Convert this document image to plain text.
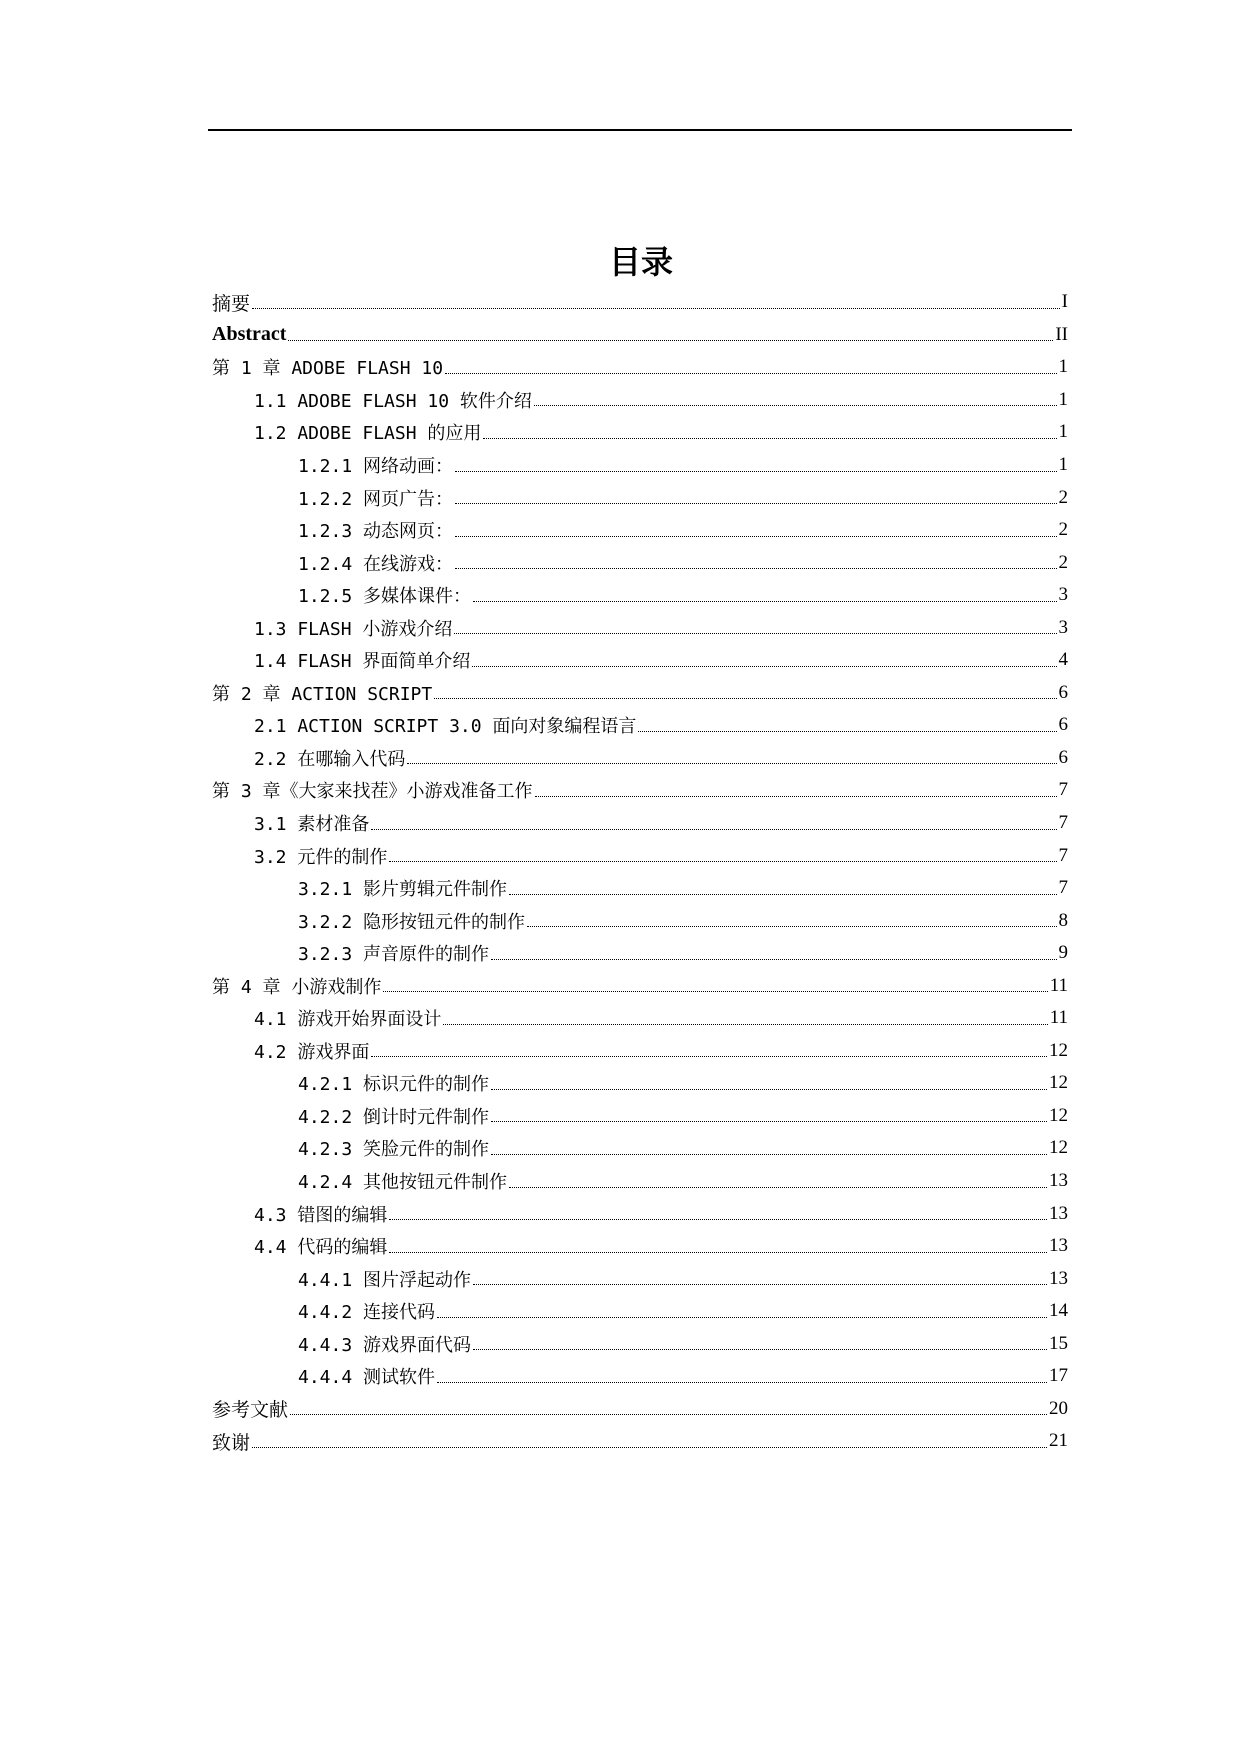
目录
摘要	I
Abstract	II
第 1 章 ADOBE FLASH 10	1
1.1 ADOBE FLASH 10 软件介绍	1
1.2 ADOBE FLASH 的应用	1
1.2.1 网络动画：	1
1.2.2 网页广告：	2
1.2.3 动态网页：	2
1.2.4 在线游戏：	2
1.2.5 多媒体课件：	3
1.3 FLASH 小游戏介绍	3
1.4 FLASH 界面简单介绍	4
第 2 章 ACTION SCRIPT	6
2.1 ACTION SCRIPT 3.0 面向对象编程语言	6
2.2 在哪输入代码	6
第 3 章《大家来找茬》小游戏准备工作	7
3.1 素材准备	7
3.2 元件的制作	7
3.2.1 影片剪辑元件制作	7
3.2.2 隐形按钮元件的制作	8
3.2.3 声音原件的制作	9
第 4 章 小游戏制作	11
4.1 游戏开始界面设计	11
4.2 游戏界面	12
4.2.1 标识元件的制作	12
4.2.2 倒计时元件制作	12
4.2.3 笑脸元件的制作	12
4.2.4 其他按钮元件制作	13
4.3 错图的编辑	13
4.4 代码的编辑	13
4.4.1 图片浮起动作	13
4.4.2 连接代码	14
4.4.3 游戏界面代码	15
4.4.4 测试软件	17
参考文献	20
致谢	21
